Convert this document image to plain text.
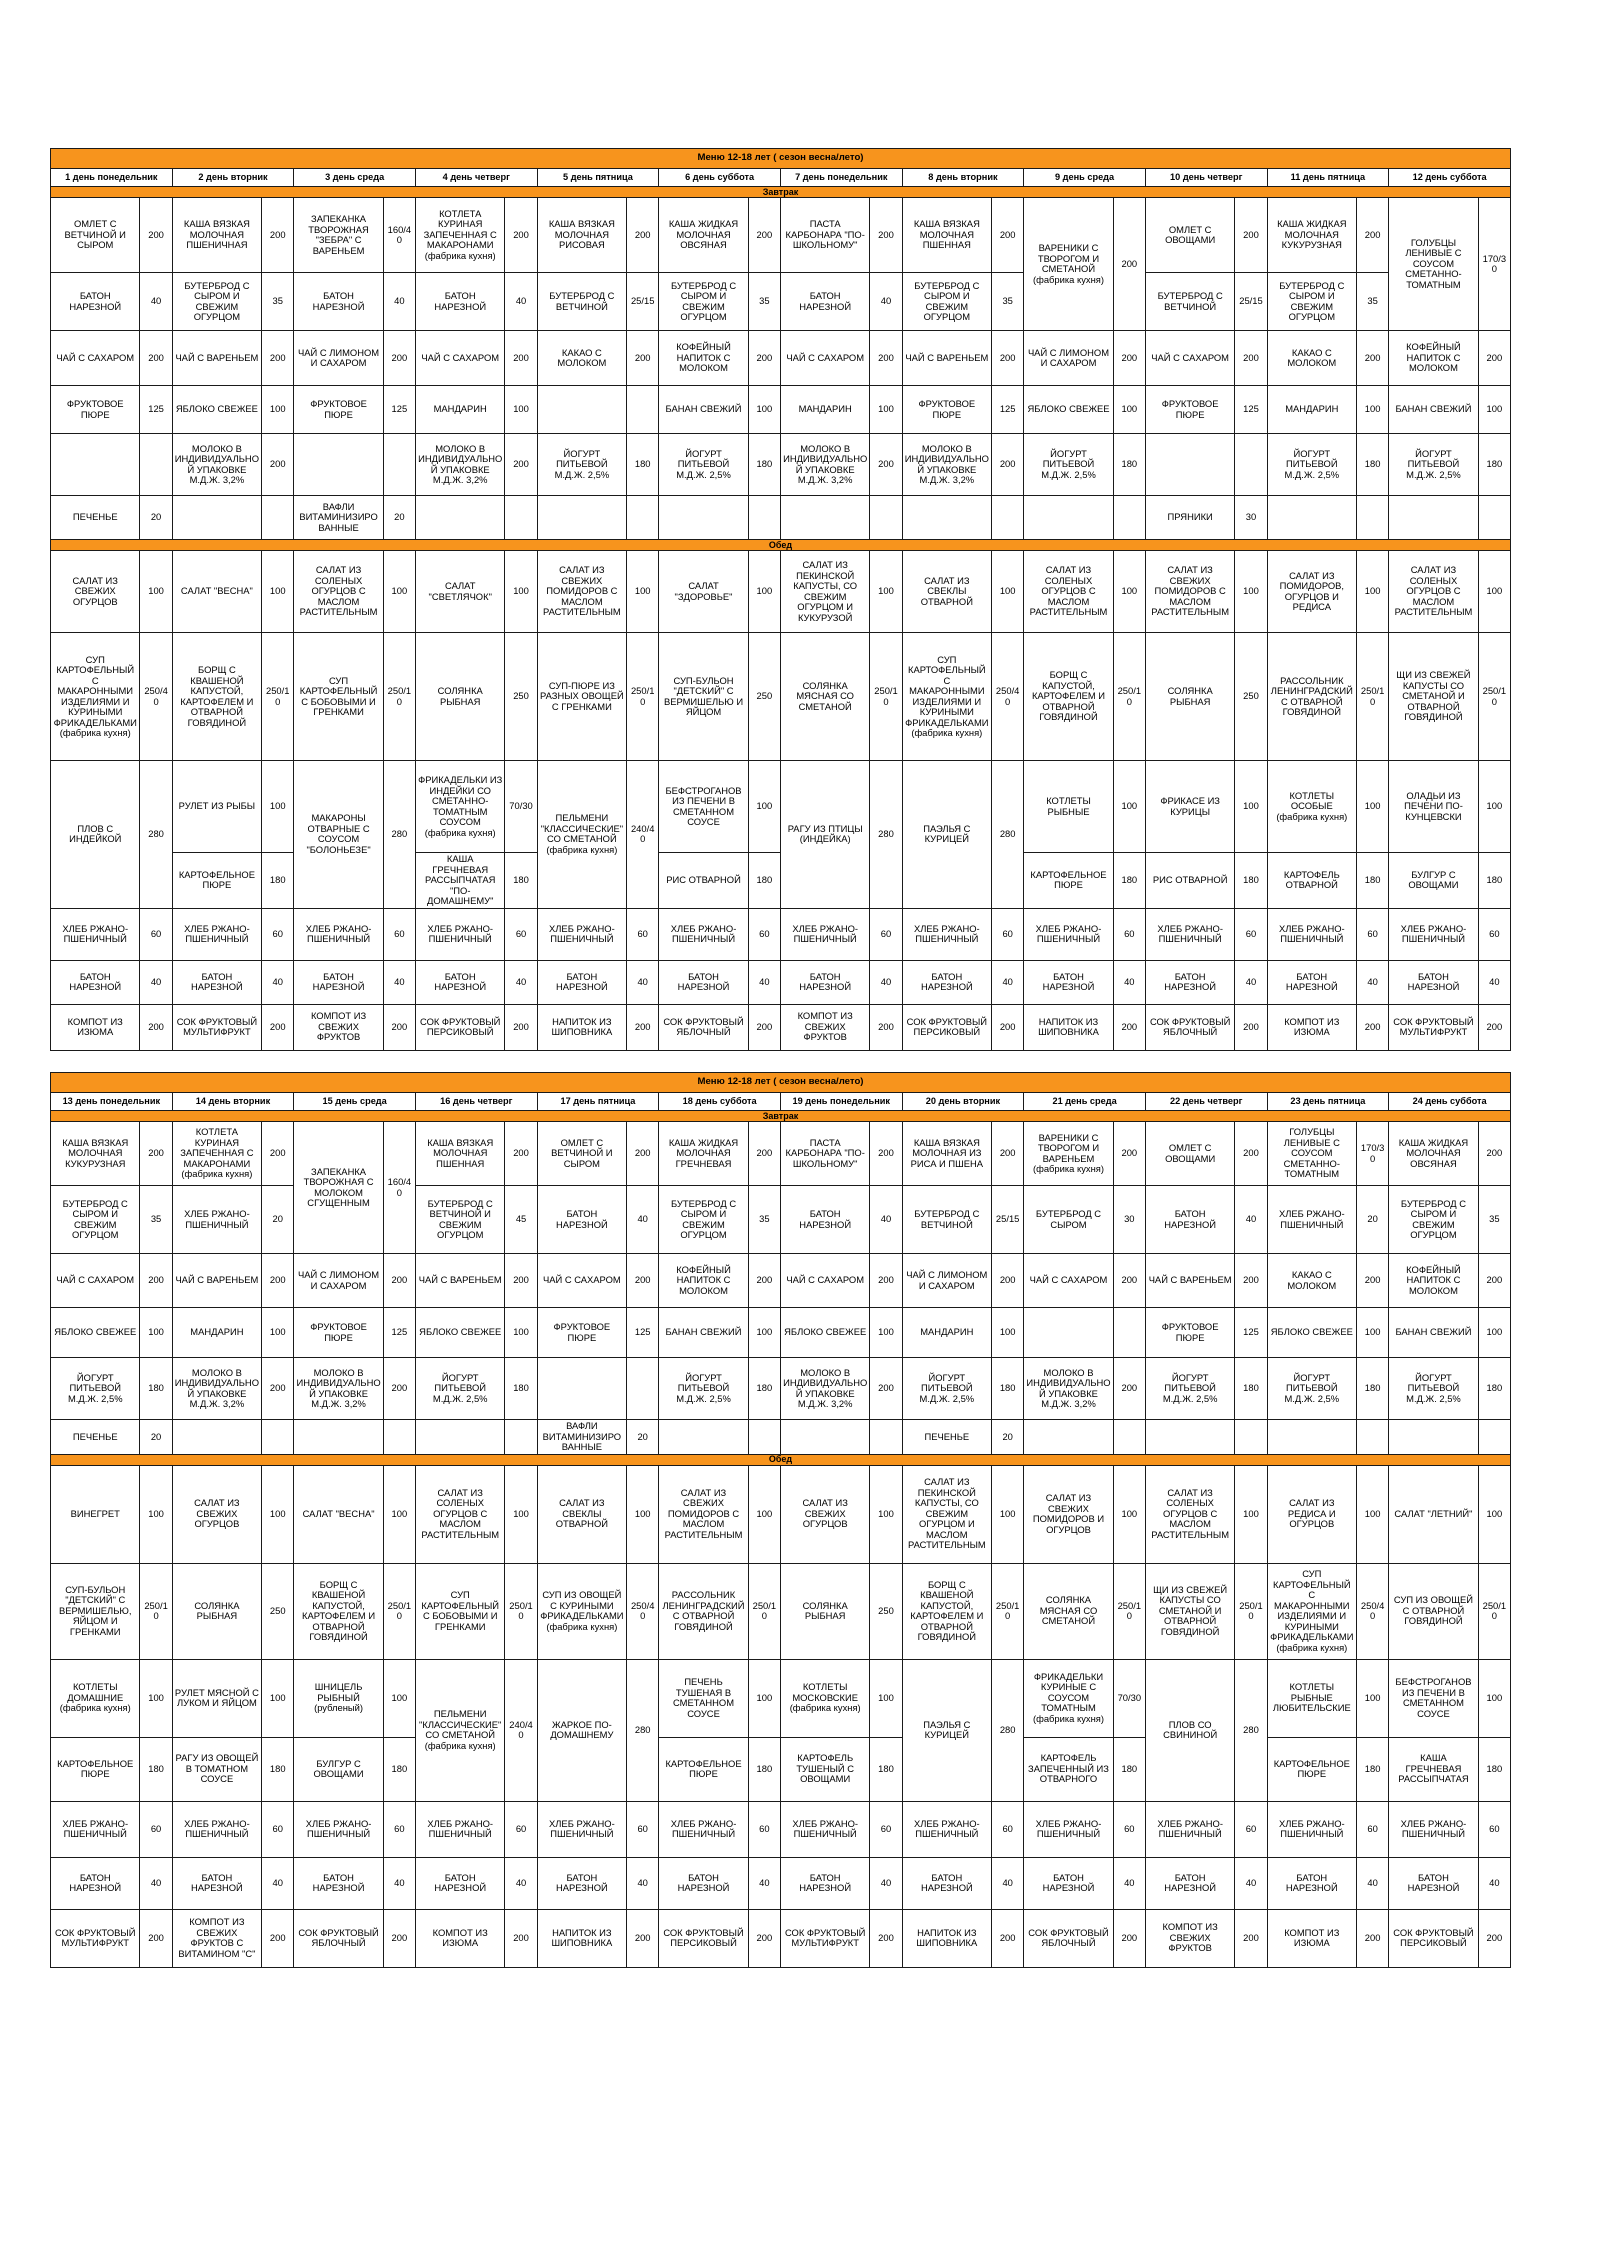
Меню 12-18 лет ( сезон весна/лето)																							
1 день понедельник		2 день вторник		3 день среда		4 день четверг		5 день пятница		6 день суббота		7 день понедельник		8 день вторник		9 день среда		10 день четверг		11 день пятница		12 день суббота	
Завтрак																							
ОМЛЕТ С ВЕТЧИНОЙ И СЫРОМ	200	КАША ВЯЗКАЯ МОЛОЧНАЯ ПШЕНИЧНАЯ	200	ЗАПЕКАНКА ТВОРОЖНАЯ "ЗЕБРА" С ВАРЕНЬЕМ	160/40	КОТЛЕТА КУРИНАЯ ЗАПЕЧЕННАЯ С МАКАРОНАМИ (фабрика кухня)	200	КАША ВЯЗКАЯ МОЛОЧНАЯ РИСОВАЯ	200	КАША ЖИДКАЯ МОЛОЧНАЯ ОВСЯНАЯ	200	ПАСТА КАРБОНАРА "ПО-ШКОЛЬНОМУ"	200	КАША ВЯЗКАЯ МОЛОЧНАЯ ПШЕННАЯ	200	ВАРЕНИКИ С ТВОРОГОМ И СМЕТАНОЙ (фабрика кухня)	200	ОМЛЕТ С ОВОЩАМИ	200	КАША ЖИДКАЯ МОЛОЧНАЯ КУКУРУЗНАЯ	200	ГОЛУБЦЫ ЛЕНИВЫЕ С СОУСОМ СМЕТАННО-ТОМАТНЫМ	170/30
БАТОН НАРЕЗНОЙ	40	БУТЕРБРОД С СЫРОМ И СВЕЖИМ ОГУРЦОМ	35	БАТОН НАРЕЗНОЙ	40	БАТОН НАРЕЗНОЙ	40	БУТЕРБРОД С ВЕТЧИНОЙ	25/15	БУТЕРБРОД С СЫРОМ И СВЕЖИМ ОГУРЦОМ	35	БАТОН НАРЕЗНОЙ	40	БУТЕРБРОД С СЫРОМ И СВЕЖИМ ОГУРЦОМ	35			БУТЕРБРОД С ВЕТЧИНОЙ	25/15	БУТЕРБРОД С СЫРОМ И СВЕЖИМ ОГУРЦОМ	35		
ЧАЙ С САХАРОМ	200	ЧАЙ С ВАРЕНЬЕМ	200	ЧАЙ С ЛИМОНОМ И САХАРОМ	200	ЧАЙ С САХАРОМ	200	КАКАО С МОЛОКОМ	200	КОФЕЙНЫЙ НАПИТОК С МОЛОКОМ	200	ЧАЙ С САХАРОМ	200	ЧАЙ С ВАРЕНЬЕМ	200	ЧАЙ С ЛИМОНОМ И САХАРОМ	200	ЧАЙ С САХАРОМ	200	КАКАО С МОЛОКОМ	200	КОФЕЙНЫЙ НАПИТОК С МОЛОКОМ	200
ФРУКТОВОЕ ПЮРЕ	125	ЯБЛОКО СВЕЖЕЕ	100	ФРУКТОВОЕ ПЮРЕ	125	МАНДАРИН	100			БАНАН СВЕЖИЙ	100	МАНДАРИН	100	ФРУКТОВОЕ ПЮРЕ	125	ЯБЛОКО СВЕЖЕЕ	100	ФРУКТОВОЕ ПЮРЕ	125	МАНДАРИН	100	БАНАН СВЕЖИЙ	100
		МОЛОКО В ИНДИВИДУАЛЬНОЙ УПАКОВКЕ М.Д.Ж. 3,2%	200			МОЛОКО В ИНДИВИДУАЛЬНОЙ УПАКОВКЕ М.Д.Ж. 3,2%	200	ЙОГУРТ ПИТЬЕВОЙ М.Д.Ж. 2,5%	180	ЙОГУРТ ПИТЬЕВОЙ М.Д.Ж. 2,5%	180	МОЛОКО В ИНДИВИДУАЛЬНОЙ УПАКОВКЕ М.Д.Ж. 3,2%	200	МОЛОКО В ИНДИВИДУАЛЬНОЙ УПАКОВКЕ М.Д.Ж. 3,2%	200	ЙОГУРТ ПИТЬЕВОЙ М.Д.Ж. 2,5%	180			ЙОГУРТ ПИТЬЕВОЙ М.Д.Ж. 2,5%	180	ЙОГУРТ ПИТЬЕВОЙ М.Д.Ж. 2,5%	180
ПЕЧЕНЬЕ	20			ВАФЛИ ВИТАМИНИЗИРОВАННЫЕ	20													ПРЯНИКИ	30				
Обед																							
САЛАТ ИЗ СВЕЖИХ ОГУРЦОВ	100	САЛАТ "ВЕСНА"	100	САЛАТ ИЗ СОЛЕНЫХ ОГУРЦОВ С МАСЛОМ РАСТИТЕЛЬНЫМ	100	САЛАТ "СВЕТЛЯЧОК"	100	САЛАТ ИЗ СВЕЖИХ ПОМИДОРОВ С МАСЛОМ РАСТИТЕЛЬНЫМ	100	САЛАТ "ЗДОРОВЬЕ"	100	САЛАТ ИЗ ПЕКИНСКОЙ КАПУСТЫ, СО СВЕЖИМ ОГУРЦОМ И КУКУРУЗОЙ	100	САЛАТ ИЗ СВЕКЛЫ ОТВАРНОЙ	100	САЛАТ ИЗ СОЛЕНЫХ ОГУРЦОВ С МАСЛОМ РАСТИТЕЛЬНЫМ	100	САЛАТ ИЗ СВЕЖИХ ПОМИДОРОВ С МАСЛОМ РАСТИТЕЛЬНЫМ	100	САЛАТ ИЗ ПОМИДОРОВ, ОГУРЦОВ И РЕДИСА	100	САЛАТ ИЗ СОЛЕНЫХ ОГУРЦОВ С МАСЛОМ РАСТИТЕЛЬНЫМ	100
СУП КАРТОФЕЛЬНЫЙ С МАКАРОННЫМИ ИЗДЕЛИЯМИ И КУРИНЫМИ ФРИКАДЕЛЬКАМИ (фабрика кухня)	250/40	БОРЩ С КВАШЕНОЙ КАПУСТОЙ, КАРТОФЕЛЕМ И ОТВАРНОЙ ГОВЯДИНОЙ	250/10	СУП КАРТОФЕЛЬНЫЙ С БОБОВЫМИ И ГРЕНКАМИ	250/10	СОЛЯНКА РЫБНАЯ	250	СУП-ПЮРЕ ИЗ РАЗНЫХ ОВОЩЕЙ С ГРЕНКАМИ	250/10	СУП-БУЛЬОН "ДЕТСКИЙ" С ВЕРМИШЕЛЬЮ И ЯЙЦОМ	250	СОЛЯНКА МЯСНАЯ СО СМЕТАНОЙ	250/10	СУП КАРТОФЕЛЬНЫЙ С МАКАРОННЫМИ ИЗДЕЛИЯМИ И КУРИНЫМИ ФРИКАДЕЛЬКАМИ (фабрика кухня)	250/40	БОРЩ С КАПУСТОЙ, КАРТОФЕЛЕМ И ОТВАРНОЙ ГОВЯДИНОЙ	250/10	СОЛЯНКА РЫБНАЯ	250	РАССОЛЬНИК ЛЕНИНГРАДСКИЙ С ОТВАРНОЙ ГОВЯДИНОЙ	250/10	ЩИ ИЗ СВЕЖЕЙ КАПУСТЫ СО СМЕТАНОЙ И ОТВАРНОЙ ГОВЯДИНОЙ	250/10
ПЛОВ С ИНДЕЙКОЙ	280	РУЛЕТ ИЗ РЫБЫ	100	МАКАРОНЫ ОТВАРНЫЕ С СОУСОМ "БОЛОНЬЕЗЕ"	280	ФРИКАДЕЛЬКИ ИЗ ИНДЕЙКИ СО СМЕТАННО-ТОМАТНЫМ СОУСОМ (фабрика кухня)	70/30	ПЕЛЬМЕНИ "КЛАССИЧЕСКИЕ" СО СМЕТАНОЙ (фабрика кухня)	240/40	БЕФСТРОГАНОВ ИЗ ПЕЧЕНИ В СМЕТАННОМ СОУСЕ	100	РАГУ ИЗ ПТИЦЫ (ИНДЕЙКА)	280	ПАЭЛЬЯ С КУРИЦЕЙ	280	КОТЛЕТЫ РЫБНЫЕ	100	ФРИКАСЕ ИЗ КУРИЦЫ	100	КОТЛЕТЫ ОСОБЫЕ (фабрика кухня)	100	ОЛАДЬИ ИЗ ПЕЧЕНИ ПО-КУНЦЕВСКИ	100
		КАРТОФЕЛЬНОЕ ПЮРЕ	180			КАША ГРЕЧНЕВАЯ РАССЫПЧАТАЯ "ПО-ДОМАШНЕМУ"	180			РИС ОТВАРНОЙ	180					КАРТОФЕЛЬНОЕ ПЮРЕ	180	РИС ОТВАРНОЙ	180	КАРТОФЕЛЬ ОТВАРНОЙ	180	БУЛГУР С ОВОЩАМИ	180
ХЛЕБ РЖАНО-ПШЕНИЧНЫЙ	60	ХЛЕБ РЖАНО-ПШЕНИЧНЫЙ	60	ХЛЕБ РЖАНО-ПШЕНИЧНЫЙ	60	ХЛЕБ РЖАНО-ПШЕНИЧНЫЙ	60	ХЛЕБ РЖАНО-ПШЕНИЧНЫЙ	60	ХЛЕБ РЖАНО-ПШЕНИЧНЫЙ	60	ХЛЕБ РЖАНО-ПШЕНИЧНЫЙ	60	ХЛЕБ РЖАНО-ПШЕНИЧНЫЙ	60	ХЛЕБ РЖАНО-ПШЕНИЧНЫЙ	60	ХЛЕБ РЖАНО-ПШЕНИЧНЫЙ	60	ХЛЕБ РЖАНО-ПШЕНИЧНЫЙ	60	ХЛЕБ РЖАНО-ПШЕНИЧНЫЙ	60
БАТОН НАРЕЗНОЙ	40	БАТОН НАРЕЗНОЙ	40	БАТОН НАРЕЗНОЙ	40	БАТОН НАРЕЗНОЙ	40	БАТОН НАРЕЗНОЙ	40	БАТОН НАРЕЗНОЙ	40	БАТОН НАРЕЗНОЙ	40	БАТОН НАРЕЗНОЙ	40	БАТОН НАРЕЗНОЙ	40	БАТОН НАРЕЗНОЙ	40	БАТОН НАРЕЗНОЙ	40	БАТОН НАРЕЗНОЙ	40
КОМПОТ ИЗ ИЗЮМА	200	СОК ФРУКТОВЫЙ МУЛЬТИФРУКТ	200	КОМПОТ ИЗ СВЕЖИХ ФРУКТОВ	200	СОК ФРУКТОВЫЙ ПЕРСИКОВЫЙ	200	НАПИТОК ИЗ ШИПОВНИКА	200	СОК ФРУКТОВЫЙ ЯБЛОЧНЫЙ	200	КОМПОТ ИЗ СВЕЖИХ ФРУКТОВ	200	СОК ФРУКТОВЫЙ ПЕРСИКОВЫЙ	200	НАПИТОК ИЗ ШИПОВНИКА	200	СОК ФРУКТОВЫЙ ЯБЛОЧНЫЙ	200	КОМПОТ ИЗ ИЗЮМА	200	СОК ФРУКТОВЫЙ МУЛЬТИФРУКТ	200
Меню 12-18 лет ( сезон весна/лето)																							
13 день понедельник		14 день вторник		15 день среда		16 день четверг		17 день пятница		18 день суббота		19 день понедельник		20 день вторник		21 день среда		22 день четверг		23 день пятница		24 день суббота	
Завтрак																							
КАША ВЯЗКАЯ МОЛОЧНАЯ КУКУРУЗНАЯ	200	КОТЛЕТА КУРИНАЯ ЗАПЕЧЕННАЯ С МАКАРОНАМИ (фабрика кухня)	200	ЗАПЕКАНКА ТВОРОЖНАЯ С МОЛОКОМ СГУЩЕННЫМ	160/40	КАША ВЯЗКАЯ МОЛОЧНАЯ ПШЕННАЯ	200	ОМЛЕТ С ВЕТЧИНОЙ И СЫРОМ	200	КАША ЖИДКАЯ МОЛОЧНАЯ ГРЕЧНЕВАЯ	200	ПАСТА КАРБОНАРА "ПО-ШКОЛЬНОМУ"	200	КАША ВЯЗКАЯ МОЛОЧНАЯ ИЗ РИСА И ПШЕНА	200	ВАРЕНИКИ С ТВОРОГОМ И ВАРЕНЬЕМ (фабрика кухня)	200	ОМЛЕТ С ОВОЩАМИ	200	ГОЛУБЦЫ ЛЕНИВЫЕ С СОУСОМ СМЕТАННО-ТОМАТНЫМ	170/30	КАША ЖИДКАЯ МОЛОЧНАЯ ОВСЯНАЯ	200
БУТЕРБРОД С СЫРОМ И СВЕЖИМ ОГУРЦОМ	35	ХЛЕБ РЖАНО-ПШЕНИЧНЫЙ	20			БУТЕРБРОД С ВЕТЧИНОЙ И СВЕЖИМ ОГУРЦОМ	45	БАТОН НАРЕЗНОЙ	40	БУТЕРБРОД С СЫРОМ И СВЕЖИМ ОГУРЦОМ	35	БАТОН НАРЕЗНОЙ	40	БУТЕРБРОД С ВЕТЧИНОЙ	25/15	БУТЕРБРОД С СЫРОМ	30	БАТОН НАРЕЗНОЙ	40	ХЛЕБ РЖАНО-ПШЕНИЧНЫЙ	20	БУТЕРБРОД С СЫРОМ И СВЕЖИМ ОГУРЦОМ	35
ЧАЙ С САХАРОМ	200	ЧАЙ С ВАРЕНЬЕМ	200	ЧАЙ С ЛИМОНОМ И САХАРОМ	200	ЧАЙ С ВАРЕНЬЕМ	200	ЧАЙ С САХАРОМ	200	КОФЕЙНЫЙ НАПИТОК С МОЛОКОМ	200	ЧАЙ С САХАРОМ	200	ЧАЙ С ЛИМОНОМ И САХАРОМ	200	ЧАЙ С САХАРОМ	200	ЧАЙ С ВАРЕНЬЕМ	200	КАКАО С МОЛОКОМ	200	КОФЕЙНЫЙ НАПИТОК С МОЛОКОМ	200
ЯБЛОКО СВЕЖЕЕ	100	МАНДАРИН	100	ФРУКТОВОЕ ПЮРЕ	125	ЯБЛОКО СВЕЖЕЕ	100	ФРУКТОВОЕ ПЮРЕ	125	БАНАН СВЕЖИЙ	100	ЯБЛОКО СВЕЖЕЕ	100	МАНДАРИН	100			ФРУКТОВОЕ ПЮРЕ	125	ЯБЛОКО СВЕЖЕЕ	100	БАНАН СВЕЖИЙ	100
ЙОГУРТ ПИТЬЕВОЙ М.Д.Ж. 2,5%	180	МОЛОКО В ИНДИВИДУАЛЬНОЙ УПАКОВКЕ М.Д.Ж. 3,2%	200	МОЛОКО В ИНДИВИДУАЛЬНОЙ УПАКОВКЕ М.Д.Ж. 3,2%	200	ЙОГУРТ ПИТЬЕВОЙ М.Д.Ж. 2,5%	180			ЙОГУРТ ПИТЬЕВОЙ М.Д.Ж. 2,5%	180	МОЛОКО В ИНДИВИДУАЛЬНОЙ УПАКОВКЕ М.Д.Ж. 3,2%	200	ЙОГУРТ ПИТЬЕВОЙ М.Д.Ж. 2,5%	180	МОЛОКО В ИНДИВИДУАЛЬНОЙ УПАКОВКЕ М.Д.Ж. 3,2%	200	ЙОГУРТ ПИТЬЕВОЙ М.Д.Ж. 2,5%	180	ЙОГУРТ ПИТЬЕВОЙ М.Д.Ж. 2,5%	180	ЙОГУРТ ПИТЬЕВОЙ М.Д.Ж. 2,5%	180
ПЕЧЕНЬЕ	20							ВАФЛИ ВИТАМИНИЗИРОВАННЫЕ	20					ПЕЧЕНЬЕ	20								
Обед																							
ВИНЕГРЕТ	100	САЛАТ ИЗ СВЕЖИХ ОГУРЦОВ	100	САЛАТ "ВЕСНА"	100	САЛАТ ИЗ СОЛЕНЫХ ОГУРЦОВ С МАСЛОМ РАСТИТЕЛЬНЫМ	100	САЛАТ ИЗ СВЕКЛЫ ОТВАРНОЙ	100	САЛАТ ИЗ СВЕЖИХ ПОМИДОРОВ С МАСЛОМ РАСТИТЕЛЬНЫМ	100	САЛАТ ИЗ СВЕЖИХ ОГУРЦОВ	100	САЛАТ ИЗ ПЕКИНСКОЙ КАПУСТЫ, СО СВЕЖИМ ОГУРЦОМ И МАСЛОМ РАСТИТЕЛЬНЫМ	100	САЛАТ ИЗ СВЕЖИХ ПОМИДОРОВ И ОГУРЦОВ	100	САЛАТ ИЗ СОЛЕНЫХ ОГУРЦОВ С МАСЛОМ РАСТИТЕЛЬНЫМ	100	САЛАТ ИЗ РЕДИСА И ОГУРЦОВ	100	САЛАТ "ЛЕТНИЙ"	100
СУП-БУЛЬОН "ДЕТСКИЙ" С ВЕРМИШЕЛЬЮ, ЯЙЦОМ И ГРЕНКАМИ	250/10	СОЛЯНКА РЫБНАЯ	250	БОРЩ С КВАШЕНОЙ КАПУСТОЙ, КАРТОФЕЛЕМ И ОТВАРНОЙ ГОВЯДИНОЙ	250/10	СУП КАРТОФЕЛЬНЫЙ С БОБОВЫМИ И ГРЕНКАМИ	250/10	СУП ИЗ ОВОЩЕЙ С КУРИНЫМИ ФРИКАДЕЛЬКАМИ (фабрика кухня)	250/40	РАССОЛЬНИК ЛЕНИНГРАДСКИЙ С ОТВАРНОЙ ГОВЯДИНОЙ	250/10	СОЛЯНКА РЫБНАЯ	250	БОРЩ С КВАШЕНОЙ КАПУСТОЙ, КАРТОФЕЛЕМ И ОТВАРНОЙ ГОВЯДИНОЙ	250/10	СОЛЯНКА МЯСНАЯ СО СМЕТАНОЙ	250/10	ЩИ ИЗ СВЕЖЕЙ КАПУСТЫ СО СМЕТАНОЙ И ОТВАРНОЙ ГОВЯДИНОЙ	250/10	СУП КАРТОФЕЛЬНЫЙ С МАКАРОННЫМИ ИЗДЕЛИЯМИ И КУРИНЫМИ ФРИКАДЕЛЬКАМИ (фабрика кухня)	250/40	СУП ИЗ ОВОЩЕЙ С ОТВАРНОЙ ГОВЯДИНОЙ	250/10
КОТЛЕТЫ ДОМАШНИЕ (фабрика кухня)	100	РУЛЕТ МЯСНОЙ С ЛУКОМ И ЯЙЦОМ	100	ШНИЦЕЛЬ РЫБНЫЙ (рубленый)	100	ПЕЛЬМЕНИ "КЛАССИЧЕСКИЕ" СО СМЕТАНОЙ (фабрика кухня)	240/40	ЖАРКОЕ ПО-ДОМАШНЕМУ	280	ПЕЧЕНЬ ТУШЕНАЯ В СМЕТАННОМ СОУСЕ	100	КОТЛЕТЫ МОСКОВСКИЕ (фабрика кухня)	100	ПАЭЛЬЯ С КУРИЦЕЙ	280	ФРИКАДЕЛЬКИ КУРИНЫЕ С СОУСОМ ТОМАТНЫМ (фабрика кухня)	70/30	ПЛОВ СО СВИНИНОЙ	280	КОТЛЕТЫ РЫБНЫЕ ЛЮБИТЕЛЬСКИЕ	100	БЕФСТРОГАНОВ ИЗ ПЕЧЕНИ В СМЕТАННОМ СОУСЕ	100
КАРТОФЕЛЬНОЕ ПЮРЕ	180	РАГУ ИЗ ОВОЩЕЙ В ТОМАТНОМ СОУСЕ	180	БУЛГУР С ОВОЩАМИ	180					КАРТОФЕЛЬНОЕ ПЮРЕ	180	КАРТОФЕЛЬ ТУШЕНЫЙ С ОВОЩАМИ	180			КАРТОФЕЛЬ ЗАПЕЧЕННЫЙ ИЗ ОТВАРНОГО	180			КАРТОФЕЛЬНОЕ ПЮРЕ	180	КАША ГРЕЧНЕВАЯ РАССЫПЧАТАЯ	180
ХЛЕБ РЖАНО-ПШЕНИЧНЫЙ	60	ХЛЕБ РЖАНО-ПШЕНИЧНЫЙ	60	ХЛЕБ РЖАНО-ПШЕНИЧНЫЙ	60	ХЛЕБ РЖАНО-ПШЕНИЧНЫЙ	60	ХЛЕБ РЖАНО-ПШЕНИЧНЫЙ	60	ХЛЕБ РЖАНО-ПШЕНИЧНЫЙ	60	ХЛЕБ РЖАНО-ПШЕНИЧНЫЙ	60	ХЛЕБ РЖАНО-ПШЕНИЧНЫЙ	60	ХЛЕБ РЖАНО-ПШЕНИЧНЫЙ	60	ХЛЕБ РЖАНО-ПШЕНИЧНЫЙ	60	ХЛЕБ РЖАНО-ПШЕНИЧНЫЙ	60	ХЛЕБ РЖАНО-ПШЕНИЧНЫЙ	60
БАТОН НАРЕЗНОЙ	40	БАТОН НАРЕЗНОЙ	40	БАТОН НАРЕЗНОЙ	40	БАТОН НАРЕЗНОЙ	40	БАТОН НАРЕЗНОЙ	40	БАТОН НАРЕЗНОЙ	40	БАТОН НАРЕЗНОЙ	40	БАТОН НАРЕЗНОЙ	40	БАТОН НАРЕЗНОЙ	40	БАТОН НАРЕЗНОЙ	40	БАТОН НАРЕЗНОЙ	40	БАТОН НАРЕЗНОЙ	40
СОК ФРУКТОВЫЙ МУЛЬТИФРУКТ	200	КОМПОТ ИЗ СВЕЖИХ ФРУКТОВ С ВИТАМИНОМ "С"	200	СОК ФРУКТОВЫЙ ЯБЛОЧНЫЙ	200	КОМПОТ ИЗ ИЗЮМА	200	НАПИТОК ИЗ ШИПОВНИКА	200	СОК ФРУКТОВЫЙ ПЕРСИКОВЫЙ	200	СОК ФРУКТОВЫЙ МУЛЬТИФРУКТ	200	НАПИТОК ИЗ ШИПОВНИКА	200	СОК ФРУКТОВЫЙ ЯБЛОЧНЫЙ	200	КОМПОТ ИЗ СВЕЖИХ ФРУКТОВ	200	КОМПОТ ИЗ ИЗЮМА	200	СОК ФРУКТОВЫЙ ПЕРСИКОВЫЙ	200
